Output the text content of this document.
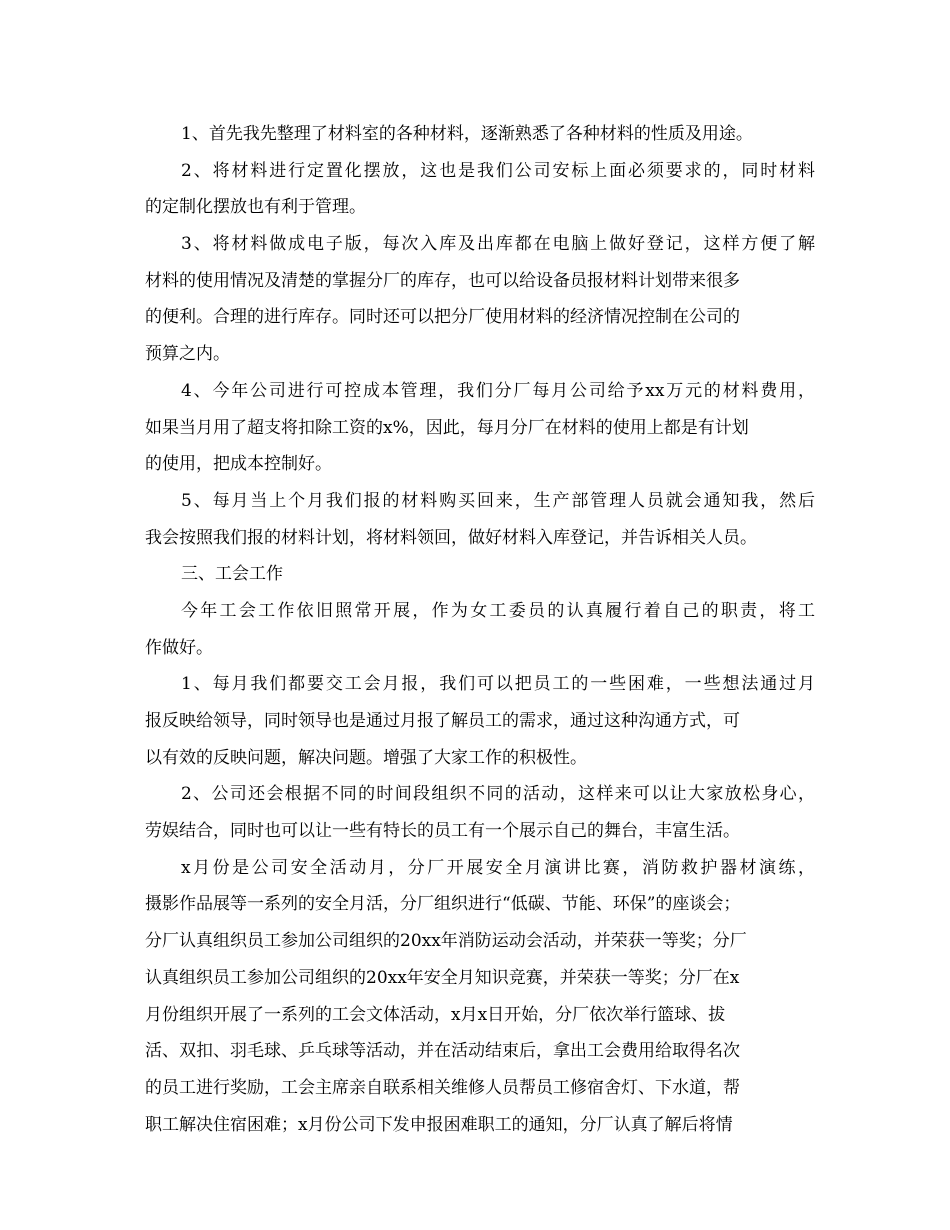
1、首先我先整理了材料室的各种材料，逐渐熟悉了各种材料的性质及用途。
2、将材料进行定置化摆放，这也是我们公司安标上面必须要求的，同时材料
的定制化摆放也有利于管理。
3、将材料做成电子版，每次入库及出库都在电脑上做好登记，这样方便了解
材料的使用情况及清楚的掌握分厂的库存，也可以给设备员报材料计划带来很多
的便利。合理的进行库存。同时还可以把分厂使用材料的经济情况控制在公司的
预算之内。
4、今年公司进行可控成本管理，我们分厂每月公司给予xx万元的材料费用，
如果当月用了超支将扣除工资的x%，因此，每月分厂在材料的使用上都是有计划
的使用，把成本控制好。
5、每月当上个月我们报的材料购买回来，生产部管理人员就会通知我，然后
我会按照我们报的材料计划，将材料领回，做好材料入库登记，并告诉相关人员。
三、工会工作
今年工会工作依旧照常开展，作为女工委员的认真履行着自己的职责，将工
作做好。
1、每月我们都要交工会月报，我们可以把员工的一些困难，一些想法通过月
报反映给领导，同时领导也是通过月报了解员工的需求，通过这种沟通方式，可
以有效的反映问题，解决问题。增强了大家工作的积极性。
2、公司还会根据不同的时间段组织不同的活动，这样来可以让大家放松身心，
劳娱结合，同时也可以让一些有特长的员工有一个展示自己的舞台，丰富生活。
x月份是公司安全活动月，分厂开展安全月演讲比赛，消防救护器材演练，
摄影作品展等一系列的安全月活，分厂组织进行“低碳、节能、环保”的座谈会；
分厂认真组织员工参加公司组织的20xx年消防运动会活动，并荣获一等奖；分厂
认真组织员工参加公司组织的20xx年安全月知识竞赛，并荣获一等奖；分厂在x
月份组织开展了一系列的工会文体活动，x月x日开始，分厂依次举行篮球、拔
活、双扣、羽毛球、乒乓球等活动，并在活动结束后，拿出工会费用给取得名次
的员工进行奖励，工会主席亲自联系相关维修人员帮员工修宿舍灯、下水道，帮
职工解决住宿困难；x月份公司下发申报困难职工的通知，分厂认真了解后将情
